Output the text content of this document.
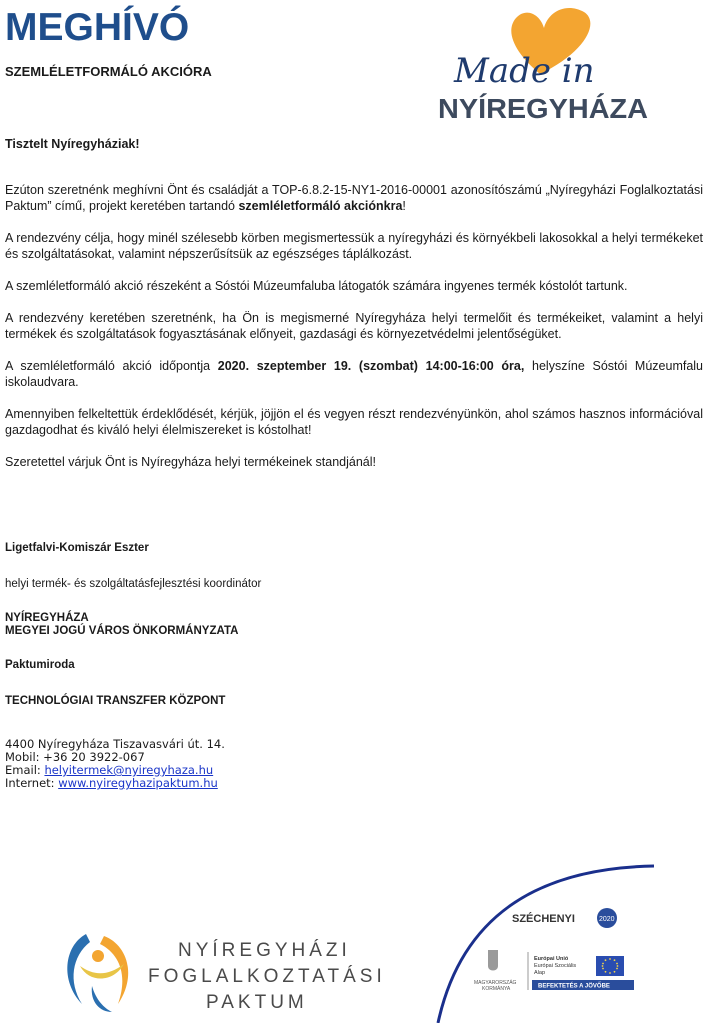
MEGHÍVÓ
SZEMLÉLETFORMÁLÓ AKCIÓRA	Made in
NYÍREGYHÁZA

Tisztelt Nyíregyháziak!

Ezúton szeretnénk meghívni Önt és családját a TOP-6.8.2-15-NY1-2016-00001 azonosítószámú „Nyíregyházi Foglalkoztatási Paktum” című, projekt keretében tartandó szemléletformáló akciónkra!

A rendezvény célja, hogy minél szélesebb körben megismertessük a nyíregyházi és környékbeli lakosokkal a helyi termékeket és szolgáltatásokat, valamint népszerűsítsük az egészséges táplálkozást.

A szemléletformáló akció részeként a Sóstói Múzeumfaluba látogatók számára ingyenes termék kóstolót tartunk.

A rendezvény keretében szeretnénk, ha Ön is megismerné Nyíregyháza helyi termelőit és termékeiket, valamint a helyi termékek és szolgáltatások fogyasztásának előnyeit, gazdasági és környezetvédelmi jelentőségüket.

A szemléletformáló akció időpontja 2020. szeptember 19. (szombat) 14:00-16:00 óra, helyszíne Sóstói Múzeumfalu iskolaudvara.

Amennyiben felkeltettük érdeklődését, kérjük, jöjjön el és vegyen részt rendezvényünkön, ahol számos hasznos információval gazdagodhat és kiváló helyi élelmiszereket is kóstolhat!

Szeretettel várjuk Önt is Nyíregyháza helyi termékeinek standjánál!

Ligetfalvi-Komiszár Eszter
helyi termék- és szolgáltatásfejlesztési koordinátor
NYÍREGYHÁZA
MEGYEI JOGÚ VÁROS ÖNKORMÁNYZATA
Paktumiroda
TECHNOLÓGIAI TRANSZFER KÖZPONT
4400 Nyíregyháza Tiszavasvári út. 14.
Mobil: +36 20 3922-067
Email: helyitermek@nyiregyhaza.hu
Internet: www.nyiregyhazipaktum.hu
NYÍREGYHÁZI
FOGLALKOZTATÁSI
PAKTUM
SZÉCHENYI	2020
MAGYARORSZÁG
KORMÁNYA
Európai Unió
Európai Szociális
Alap
BEFEKTETÉS A JÖVŐBE
